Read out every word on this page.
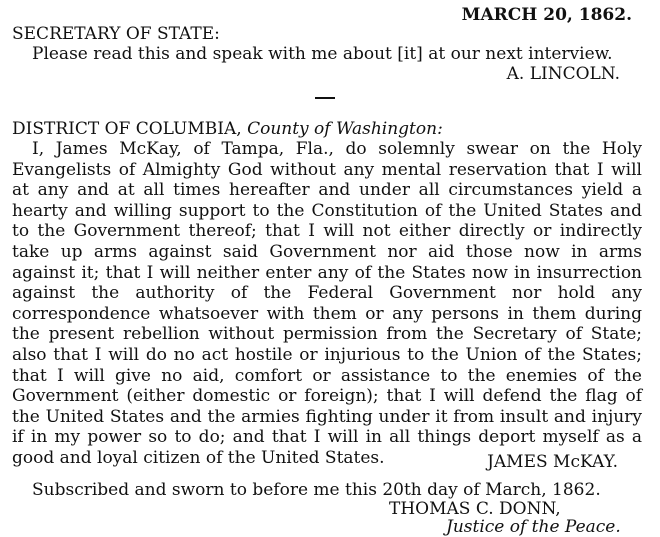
MARCH 20, 1862.
SECRETARY OF STATE:
Please read this and speak with me about [it] at our next interview.
A. LINCOLN.
DISTRICT OF COLUMBIA, County of Washington:
I, James McKay, of Tampa, Fla., do solemnly swear on the Holy Evangelists of Almighty God without any mental reservation that I will at any and at all times hereafter and under all circumstances yield a hearty and willing support to the Constitution of the United States and to the Government thereof; that I will not either directly or indirectly take up arms against said Government nor aid those now in arms against it; that I will neither enter any of the States now in insurrection against the authority of the Federal Government nor hold any correspondence whatsoever with them or any persons in them during the present rebellion without permission from the Secretary of State; also that I will do no act hostile or injurious to the Union of the States; that I will give no aid, comfort or assistance to the enemies of the Government (either domestic or foreign); that I will defend the flag of the United States and the armies fighting under it from insult and injury if in my power so to do; and that I will in all things deport myself as a good and loyal citizen of the United States.	JAMES McKAY.
Subscribed and sworn to before me this 20th day of March, 1862.
THOMAS C. DONN,
Justice of the Peace.
